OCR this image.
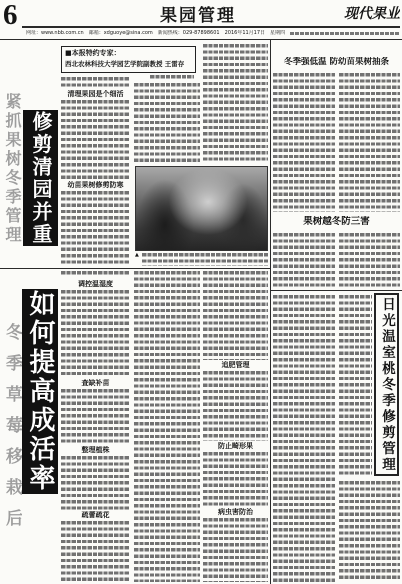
6	果园管理	现代果业
网址：www.nbb.com.cn 邮箱：xdguoye@sina.com 新闻热线：029-87898601 2016年11月17日 星期四
紧抓果树冬季管理 修剪清园并重
■本报特约专家：
西北农林科技大学园艺学院副教授 王雷存
清理果园是个细活
幼苗果树修剪防寒
▲
冬季强低温 防幼苗果树抽条
果树越冬防三害
日光温室桃冬季修剪管理
冬季草莓移栽后 如何提高成活率
调控温湿度
查缺补苗
整理植株
疏蕾疏花
追肥管理
防止畸形果
病虫害防治
